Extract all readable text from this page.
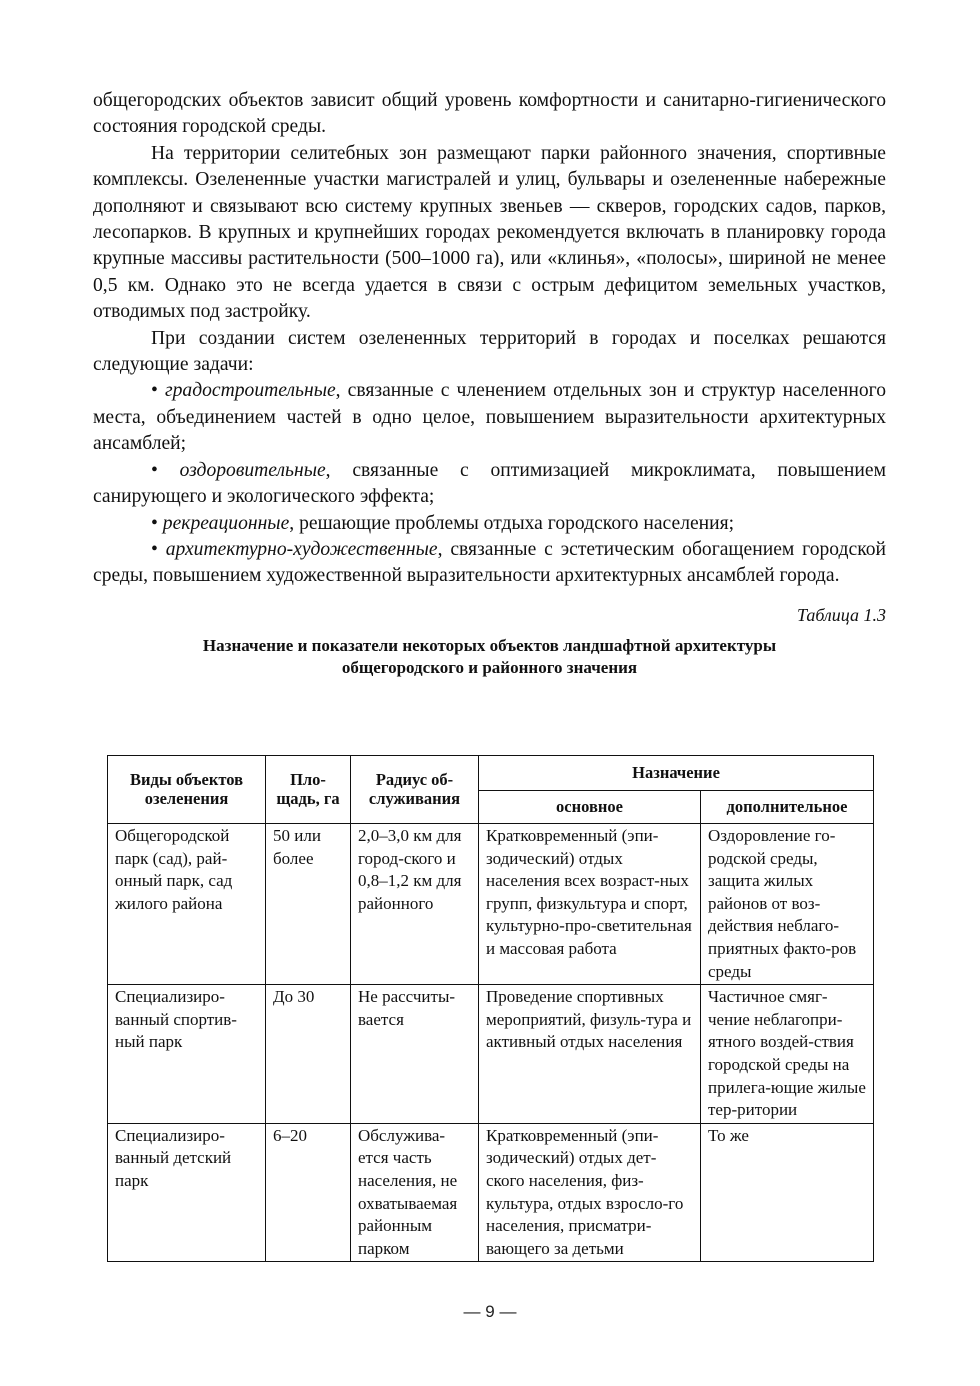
общегородских объектов зависит общий уровень комфортности и санитарно-гигиенического состояния городской среды.

На территории селитебных зон размещают парки районного значения, спортивные комплексы. Озелененные участки магистралей и улиц, бульвары и озелененные набережные дополняют и связывают всю систему крупных звеньев — скверов, городских садов, парков, лесопарков. В крупных и крупнейших городах рекомендуется включать в планировку города крупные массивы растительности (500–1000 га), или «клинья», «полосы», шириной не менее 0,5 км. Однако это не всегда удается в связи с острым дефицитом земельных участков, отводимых под застройку.

При создании систем озелененных территорий в городах и поселках решаются следующие задачи:

• градостроительные, связанные с членением отдельных зон и структур населенного места, объединением частей в одно целое, повышением выразительности архитектурных ансамблей;

• оздоровительные, связанные с оптимизацией микроклимата, повышением санирующего и экологического эффекта;

• рекреационные, решающие проблемы отдыха городского населения;

• архитектурно-художественные, связанные с эстетическим обогащением городской среды, повышением художественной выразительности архитектурных ансамблей города.

Таблица 1.3
Назначение и показатели некоторых объектов ландшафтной архитектуры
общегородского и районного значения
Виды объектов озеленения	Пло-щадь, га	Радиус об-служивания	Назначение	
			основное	дополнительное
Общегородской парк (сад), рай-онный парк, сад жилого района	50 или более	2,0–3,0 км для город-ского и 0,8–1,2 км для районного	Кратковременный (эпи-зодический) отдых населения всех возраст-ных групп, физкультура и спорт, культурно-про-светительная и массовая работа	Оздоровление го-родской среды, защита жилых районов от воз-действия неблаго-приятных факто-ров среды
Специализиро-ванный спортив-ный парк	До 30	Не рассчиты-вается	Проведение спортивных мероприятий, физуль-тура и активный отдых населения	Частичное смяг-чение неблагопри-ятного воздей-ствия городской среды на прилега-ющие жилые тер-ритории
Специализиро-ванный детский парк	6–20	Обслужива-ется часть населения, не охватываемая районным парком	Кратковременный (эпи-зодический) отдых дет-ского населения, физ-культура, отдых взросло-го населения, присматри-вающего за детьми	То же
— 9 —
